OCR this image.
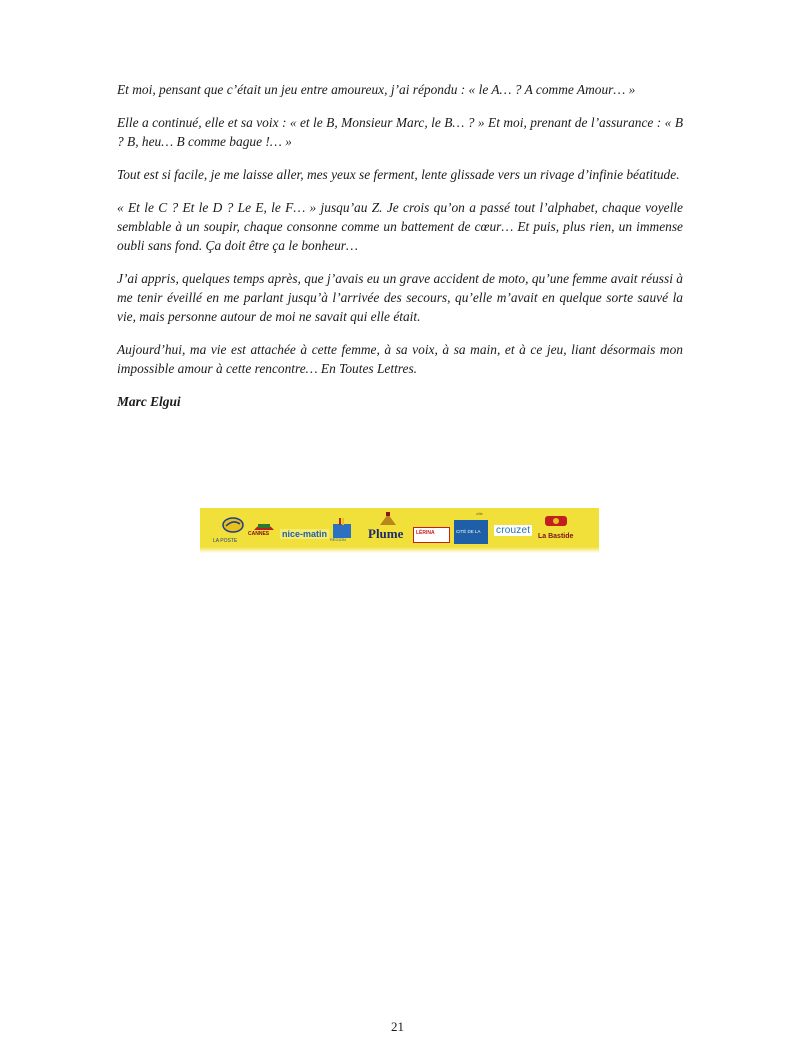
Et moi, pensant que c’était un jeu entre amoureux, j’ai répondu : « le A… ? A comme Amour… »

Elle a continué, elle et sa voix : « et le B, Monsieur Marc, le B… ? » Et moi, prenant de l’assurance : « B ? B, heu… B comme bague !… »

Tout est si facile, je me laisse aller, mes yeux se ferment, lente glissade vers un rivage d’infinie béatitude.

« Et le C ? Et le D ? Le E, le F… » jusqu’au Z. Je crois qu’on a passé tout l’alphabet, chaque voyelle semblable à un soupir, chaque consonne comme un battement de cœur… Et puis, plus rien, un immense oubli sans fond. Ça doit être ça le bonheur…

J’ai appris, quelques temps après, que j’avais eu un grave accident de moto, qu’une femme avait réussi à me tenir éveillé en me parlant jusqu’à l’arrivée des secours, qu’elle m’avait en quelque sorte sauvé la vie, mais personne autour de moi ne savait qui elle était.

Aujourd’hui, ma vie est attachée à cette femme, à sa voix, à sa main, et à ce jeu, liant désormais mon impossible amour à cette rencontre… En Toutes Lettres.

Marc Elgui

LA POSTE
CANNES nice-matin
RÉGION Plume	LÉRINA	CITÉ DE LA
ville
crouzet
La Bastide
21
